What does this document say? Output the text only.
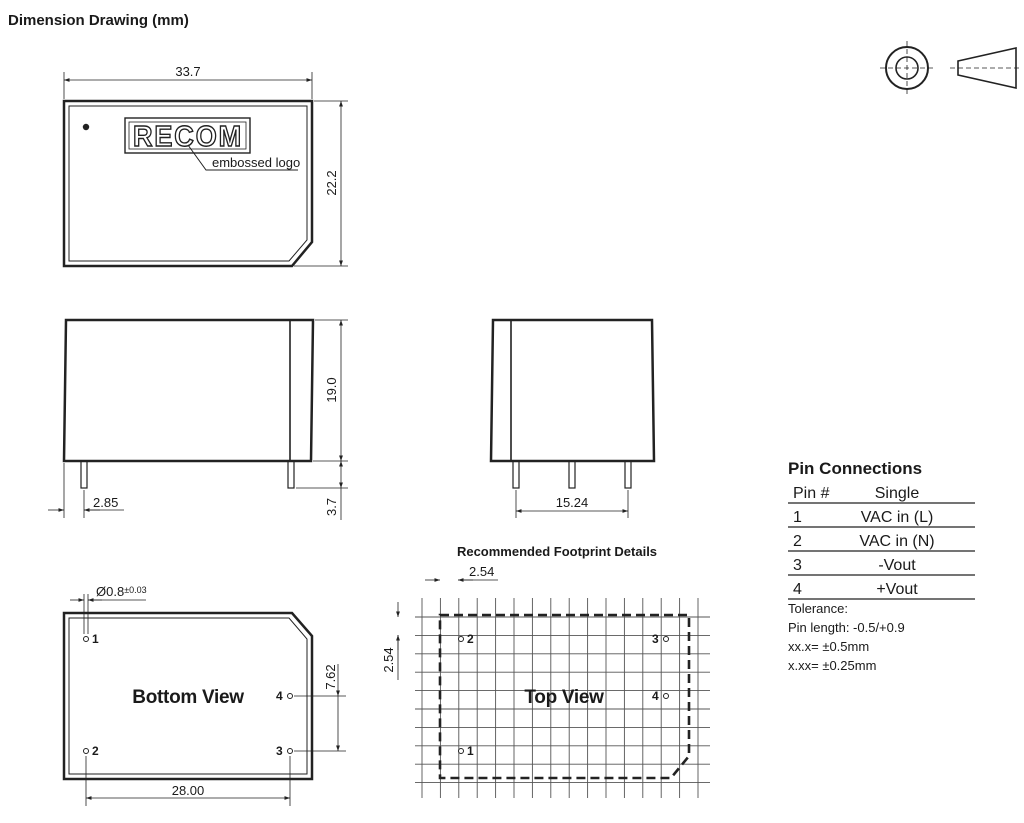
Dimension Drawing (mm)
RECOM
embossed logo
33.7
22.2
19.0
3.7
2.85	15.24
Bottom View
1
2	3
4
$Ø0.8^{\pm 0.03}$
7.62
28.00
Recommended Footprint Details
Top View
1
2	3
4
2.54
2.54
Pin Connections
Pin #	Single
1	VAC in (L)
2	VAC in (N)
3	-Vout
4	+Vout
Tolerance:
Pin length: -0.5/+0.9
xx.x= ±0.5mm
x.xx= ±0.25mm
